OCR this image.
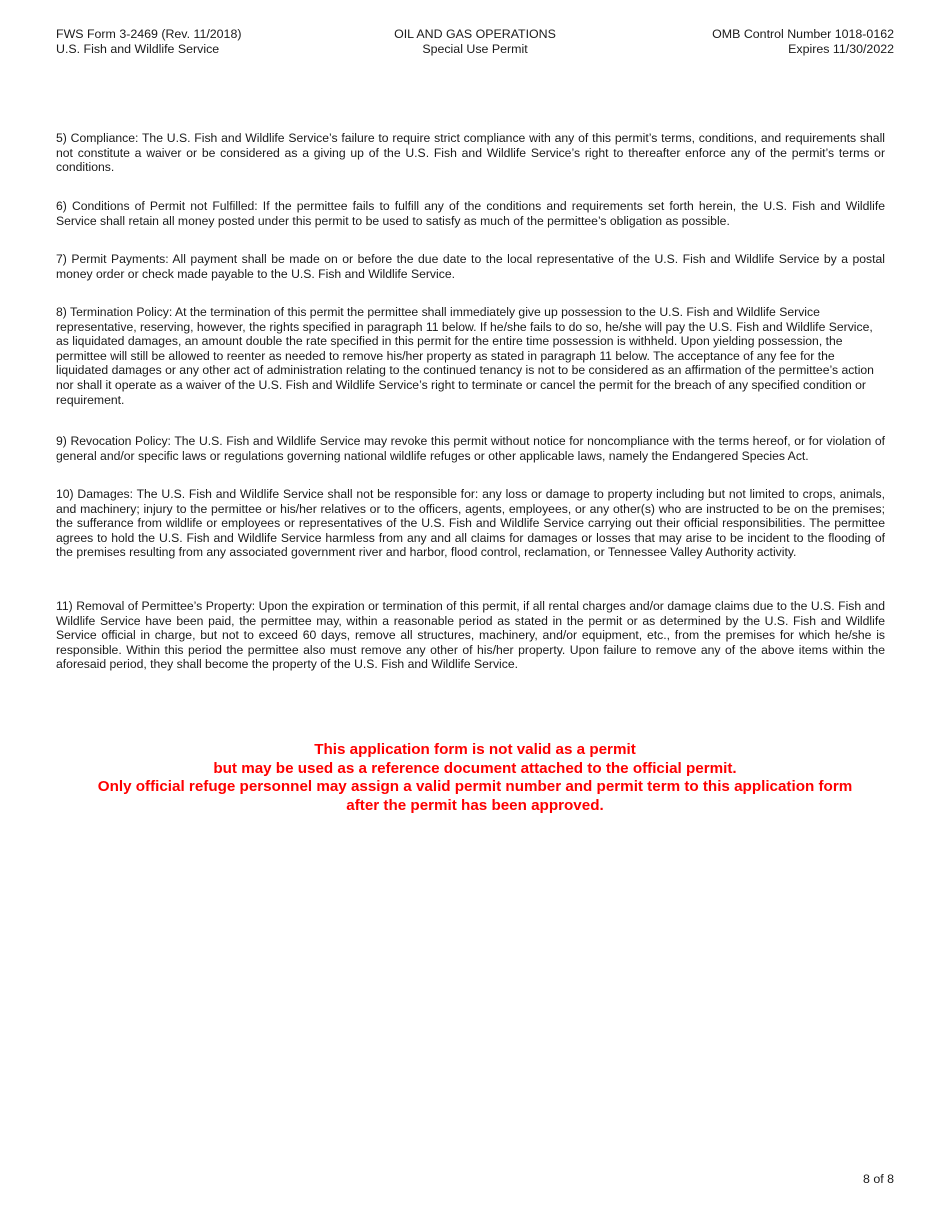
FWS Form 3-2469 (Rev. 11/2018)
U.S. Fish and Wildlife Service
OIL AND GAS OPERATIONS
Special Use Permit
OMB Control Number 1018-0162
Expires 11/30/2022

5) Compliance: The U.S. Fish and Wildlife Service’s failure to require strict compliance with any of this permit’s terms, conditions, and requirements shall not constitute a waiver or be considered as a giving up of the U.S. Fish and Wildlife Service’s right to thereafter enforce any of the permit’s terms or conditions.

6) Conditions of Permit not Fulfilled: If the permittee fails to fulfill any of the conditions and requirements set forth herein, the U.S. Fish and Wildlife Service shall retain all money posted under this permit to be used to satisfy as much of the permittee’s obligation as possible.

7) Permit Payments: All payment shall be made on or before the due date to the local representative of the U.S. Fish and Wildlife Service by a postal money order or check made payable to the U.S. Fish and Wildlife Service.

8) Termination Policy: At the termination of this permit the permittee shall immediately give up possession to the U.S. Fish and Wildlife Service representative, reserving, however, the rights specified in paragraph 11 below. If he/she fails to do so, he/she will pay the U.S. Fish and Wildlife Service, as liquidated damages, an amount double the rate specified in this permit for the entire time possession is withheld. Upon yielding possession, the permittee will still be allowed to reenter as needed to remove his/her property as stated in paragraph 11 below. The acceptance of any fee for the liquidated damages or any other act of administration relating to the continued tenancy is not to be considered as an affirmation of the permittee’s action nor shall it operate as a waiver of the U.S. Fish and Wildlife Service’s right to terminate or cancel the permit for the breach of any specified condition or requirement.

9) Revocation Policy: The U.S. Fish and Wildlife Service may revoke this permit without notice for noncompliance with the terms hereof, or for violation of general and/or specific laws or regulations governing national wildlife refuges or other applicable laws, namely the Endangered Species Act.

10) Damages: The U.S. Fish and Wildlife Service shall not be responsible for: any loss or damage to property including but not limited to crops, animals, and machinery; injury to the permittee or his/her relatives or to the officers, agents, employees, or any other(s) who are instructed to be on the premises; the sufferance from wildlife or employees or representatives of the U.S. Fish and Wildlife Service carrying out their official responsibilities. The permittee agrees to hold the U.S. Fish and Wildlife Service harmless from any and all claims for damages or losses that may arise to be incident to the flooding of the premises resulting from any associated government river and harbor, flood control, reclamation, or Tennessee Valley Authority activity.

11) Removal of Permittee’s Property: Upon the expiration or termination of this permit, if all rental charges and/or damage claims due to the U.S. Fish and Wildlife Service have been paid, the permittee may, within a reasonable period as stated in the permit or as determined by the U.S. Fish and Wildlife Service official in charge, but not to exceed 60 days, remove all structures, machinery, and/or equipment, etc., from the premises for which he/she is responsible. Within this period the permittee also must remove any other of his/her property. Upon failure to remove any of the above items within the aforesaid period, they shall become the property of the U.S. Fish and Wildlife Service.

This application form is not valid as a permit
but may be used as a reference document attached to the official permit.
Only official refuge personnel may assign a valid permit number and permit term to this application form
after the permit has been approved.
8 of 8
